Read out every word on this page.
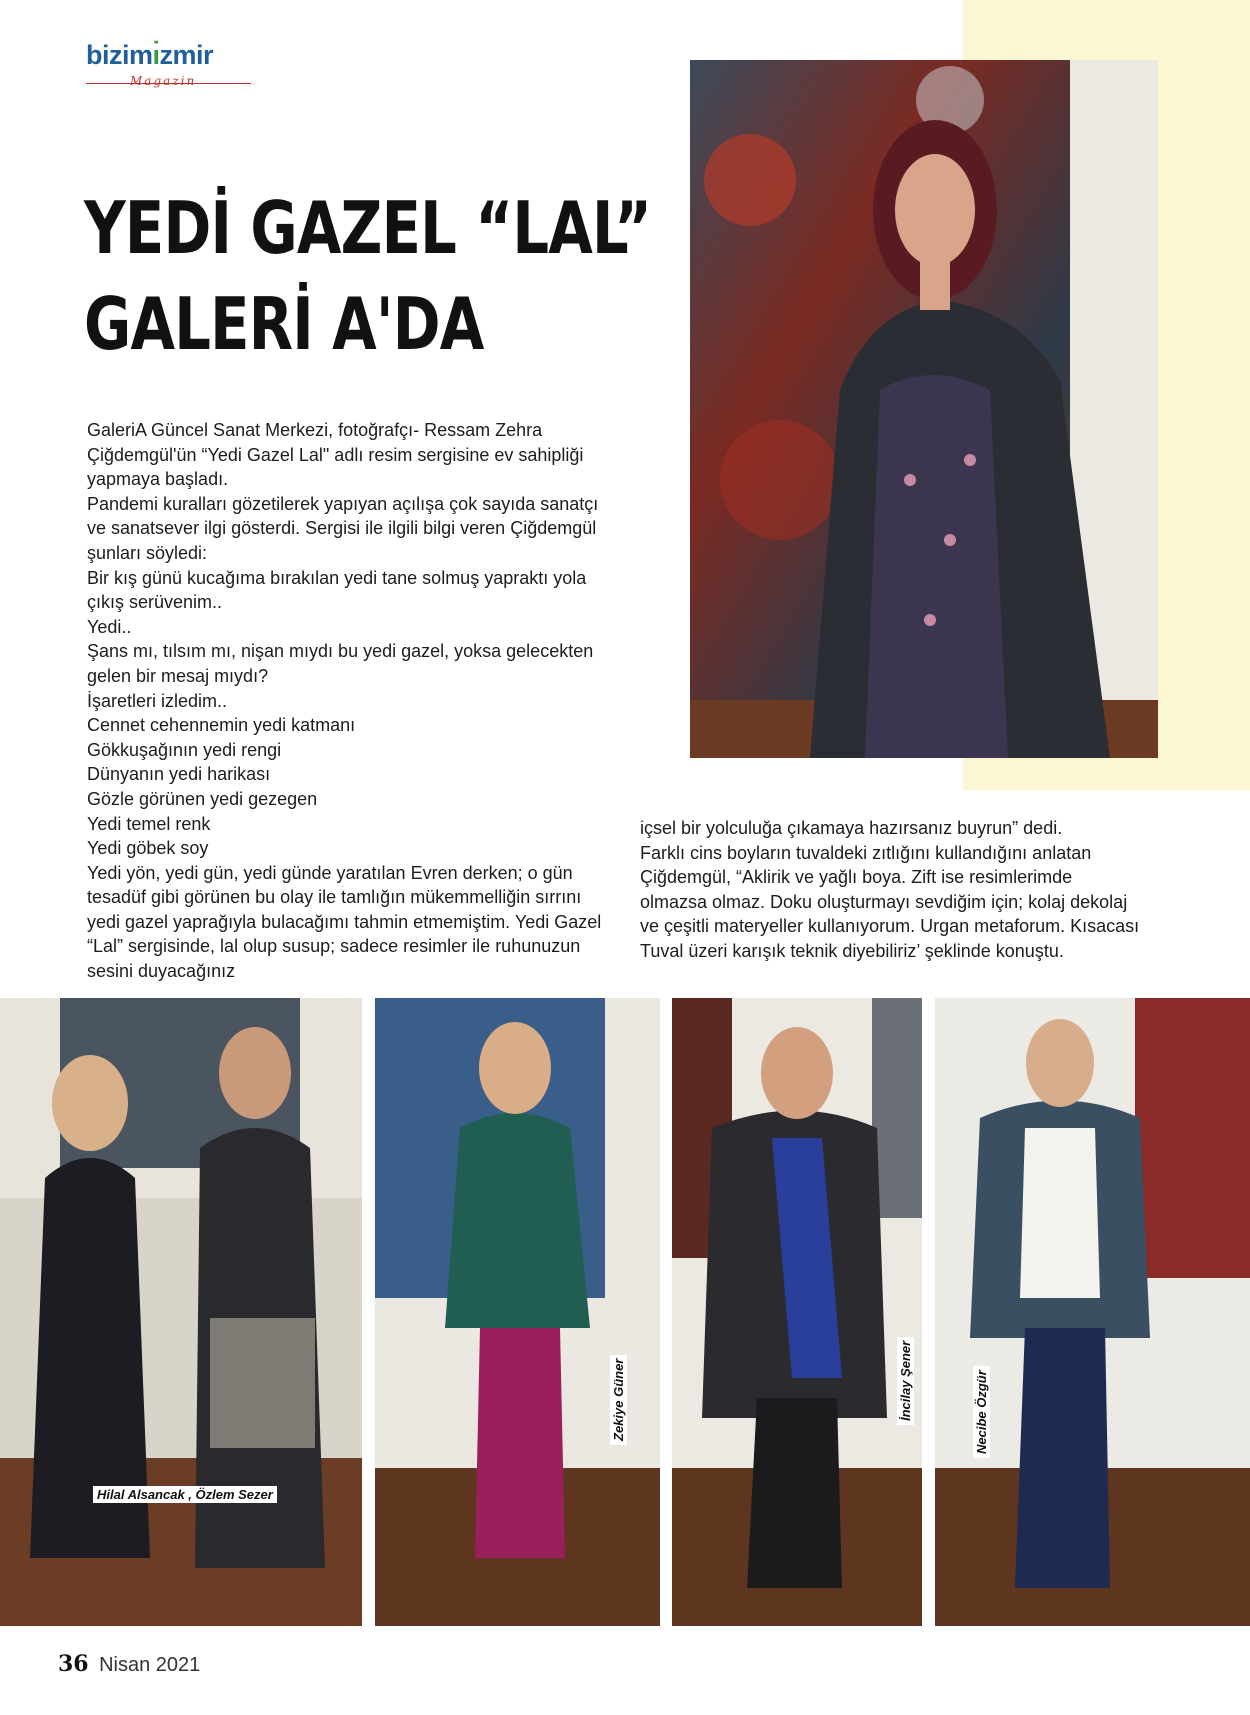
bizimı̇zmir
Magazin
YEDİ GAZEL “LAL”
GALERİ A'DA

GaleriA Güncel Sanat Merkezi, fotoğrafçı- Ressam Zehra Çiğdemgül'ün “Yedi Gazel Lal" adlı resim sergisine ev sahipliği yapmaya başladı.

Pandemi kuralları gözetilerek yapıyan açılışa çok sayıda sanatçı ve sanatsever ilgi gösterdi. Sergisi ile ilgili bilgi veren Çiğdemgül şunları söyledi:

Bir kış günü kucağıma bırakılan yedi tane solmuş yapraktı yola çıkış serüvenim..

Yedi..

Şans mı, tılsım mı, nişan mıydı bu yedi gazel, yoksa gelecekten gelen bir mesaj mıydı?

İşaretleri izledim..

Cennet cehennemin yedi katmanı

Gökkuşağının yedi rengi

Dünyanın yedi harikası

Gözle görünen yedi gezegen

Yedi temel renk

Yedi göbek soy

Yedi yön, yedi gün, yedi günde yaratılan Evren derken; o gün tesadüf gibi görünen bu olay ile tamlığın mükemmelliğin sırrını yedi gazel yaprağıyla bulacağımı tahmin etmemiştim. Yedi Gazel “Lal” sergisinde, lal olup susup; sadece resimler ile ruhunuzun sesini duyacağınız

içsel bir yolculuğa çıkamaya hazırsanız buyrun” dedi.

Farklı cins boyların tuvaldeki zıtlığını kullandığını anlatan Çiğdemgül, “Aklirik ve yağlı boya. Zift ise resimlerimde olmazsa olmaz. Doku oluşturmayı sevdiğim için; kolaj dekolaj ve çeşitli materyeller kullanıyorum. Urgan metaforum. Kısacası Tuval üzeri karışık teknik diyebiliriz’ şeklinde konuştu.

Hilal Alsancak , Özlem Sezer
Zekiye Güner	İncilay Şener	Necibe Özgür
36 Nisan 2021
